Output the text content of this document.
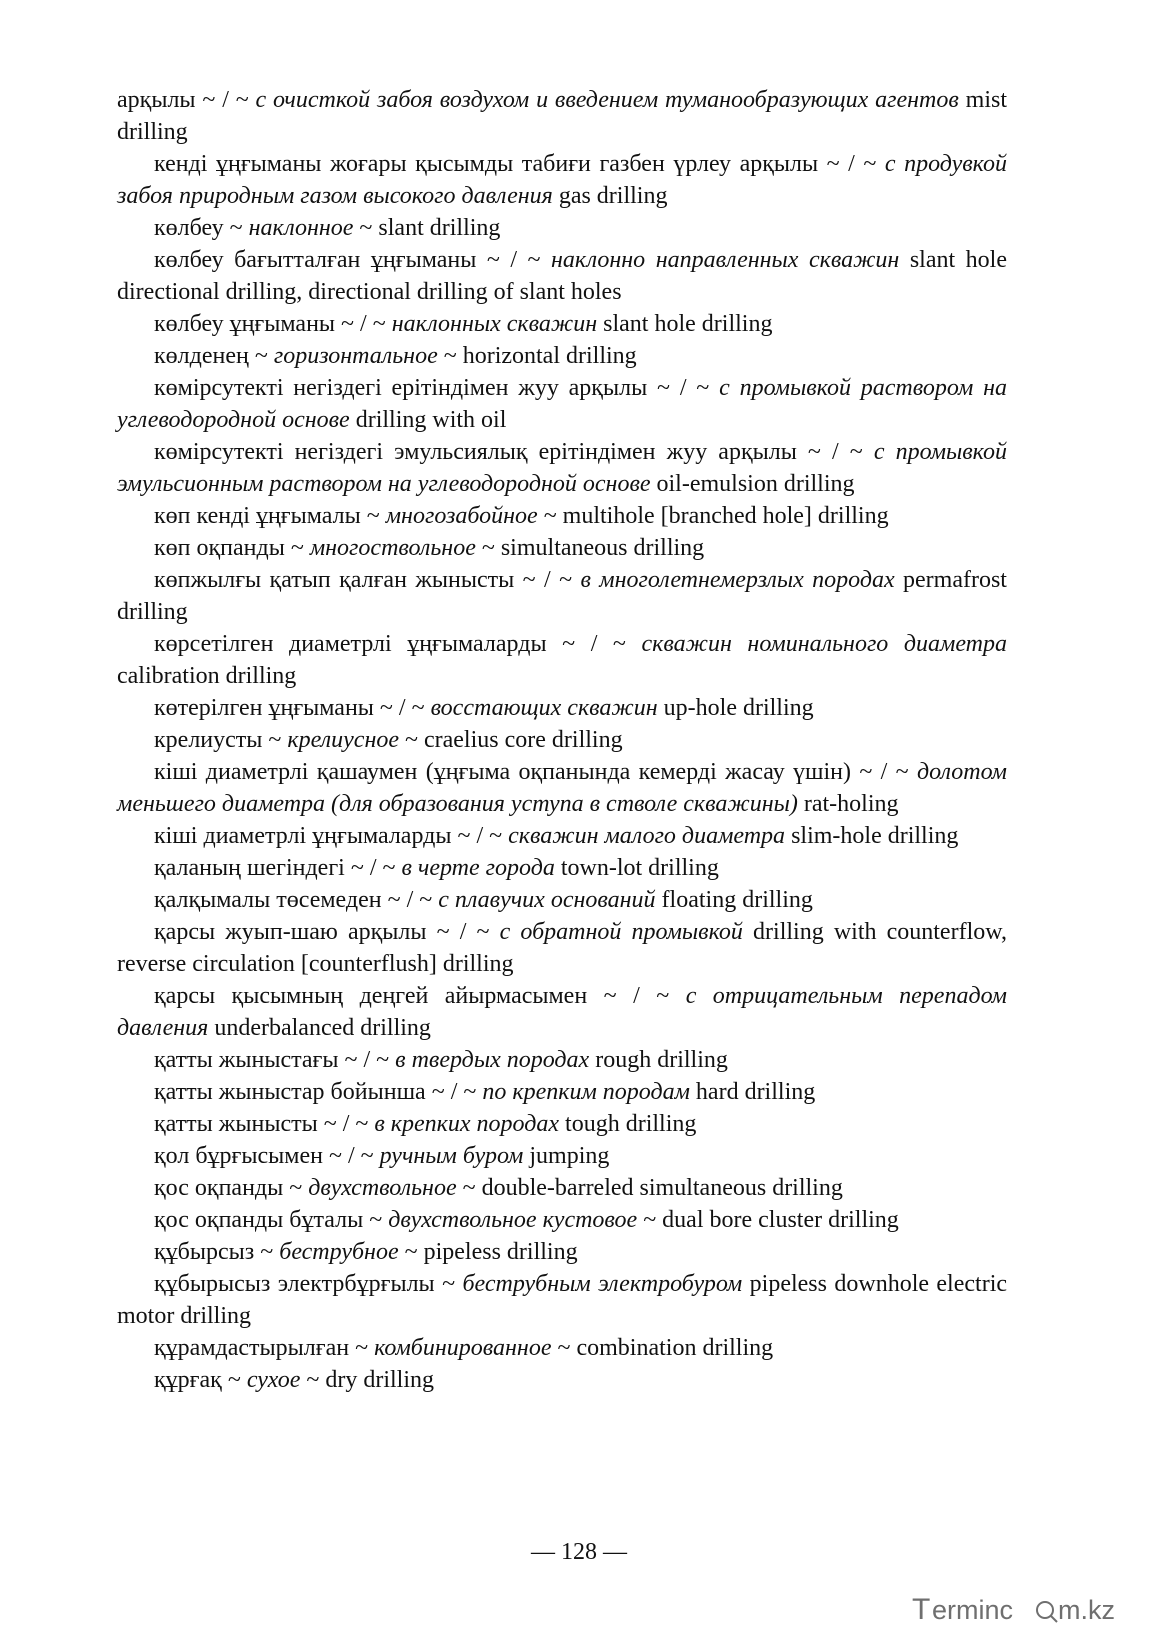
арқылы ~ / ~ с очисткой забоя воздухом и введением туманообразующих агентов mist drilling

кенді ұңғыманы жоғары қысымды табиғи газбен үрлеу арқылы ~ / ~ с продувкой забоя природным газом высокого давления gas drilling

көлбеу ~ наклонное ~ slant drilling

көлбеу бағытталған ұңғыманы ~ / ~ наклонно направленных скважин slant hole directional drilling, directional drilling of slant holes

көлбеу ұңғыманы ~ / ~ наклонных скважин slant hole drilling

көлденең ~ горизонтальное ~ horizontal drilling

көмірсутекті негіздегі ерітіндімен жуу арқылы ~ / ~ с промывкой раствором на углеводородной основе drilling with oil

көмірсутекті негіздегі эмульсиялық ерітіндімен жуу арқылы ~ / ~ с промывкой эмульсионным раствором на углеводородной основе oil-emulsion drilling

көп кенді ұңғымалы ~ многозабойное ~ multihole [branched hole] drilling

көп оқпанды ~ многоствольное ~ simultaneous drilling

көпжылғы қатып қалған жынысты ~ / ~ в многолетнемерзлых породах permafrost drilling

көрсетілген диаметрлі ұңғымаларды ~ / ~ скважин номинального диаметра calibration drilling

көтерілген ұңғыманы ~ / ~ восстающих скважин up-hole drilling

крелиусты ~ крелиусное ~ craelius core drilling

кіші диаметрлі қашаумен (ұңғыма оқпанында кемерді жасау үшін) ~ / ~ долотом меньшего диаметра (для образования уступа в стволе скважины) rat-holing

кіші диаметрлі ұңғымаларды ~ / ~ скважин малого диаметра slim-hole drilling

қаланың шегіндегі ~ / ~ в черте города town-lot drilling

қалқымалы төсемеден ~ / ~ с плавучих оснований floating drilling

қарсы жуып-шаю арқылы ~ / ~ с обратной промывкой drilling with counterflow, reverse circulation [counterflush] drilling

қарсы қысымның деңгей айырмасымен ~ / ~ с отрицательным перепадом давления underbalanced drilling

қатты жыныстағы ~ / ~ в твердых породах rough drilling

қатты жыныстар бойынша ~ / ~ по крепким породам hard drilling

қатты жынысты ~ / ~ в крепких породах tough drilling

қол бұрғысымен ~ / ~ ручным буром jumping

қос оқпанды ~ двухствольное ~ double-barreled simultaneous drilling

қос оқпанды бұталы ~ двухствольное кустовое ~ dual bore cluster drilling

құбырсыз ~ беструбное ~ pipeless drilling

құбырысыз электрбұрғылы ~ беструбным электробуром pipeless downhole electric motor drilling

құрамдастырылған ~ комбинированное ~ combination drilling

құрғақ ~ сухое ~ dry drilling

— 128 —
T erminc m.kz
